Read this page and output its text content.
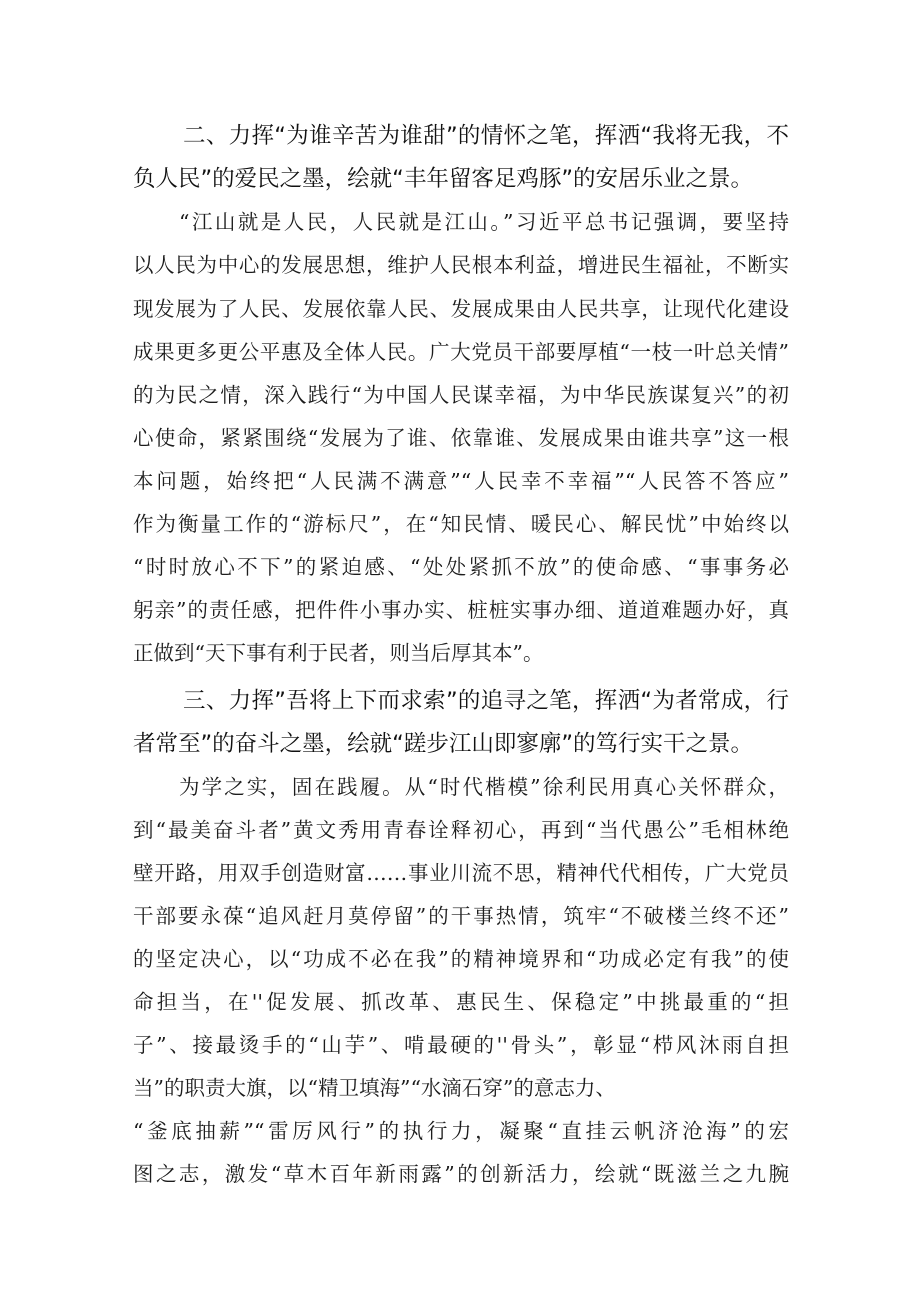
二、力挥“为谁辛苦为谁甜”的情怀之笔，挥洒“我将无我，不
负人民”的爱民之墨，绘就“丰年留客足鸡豚”的安居乐业之景。
“江山就是人民，人民就是江山。”习近平总书记强调，要坚持
以人民为中心的发展思想，维护人民根本利益，增进民生福祉，不断实
现发展为了人民、发展依靠人民、发展成果由人民共享，让现代化建设
成果更多更公平惠及全体人民。广大党员干部要厚植“一枝一叶总关情”
的为民之情，深入践行“为中国人民谋幸福，为中华民族谋复兴”的初
心使命，紧紧围绕“发展为了谁、依靠谁、发展成果由谁共享”这一根
本问题，始终把“人民满不满意”“人民幸不幸福”“人民答不答应”
作为衡量工作的“游标尺”，在“知民情、暖民心、解民忧”中始终以
“时时放心不下”的紧迫感、“处处紧抓不放”的使命感、“事事务必
躬亲”的责任感，把件件小事办实、桩桩实事办细、道道难题办好，真
正做到“天下事有利于民者，则当后厚其本”。
三、力挥”吾将上下而求索”的追寻之笔，挥洒“为者常成，行
者常至”的奋斗之墨，绘就“蹉步江山即寥廓”的笃行实干之景。
为学之实，固在践履。从“时代楷模”徐利民用真心关怀群众，
到“最美奋斗者”黄文秀用青春诠释初心，再到“当代愚公”毛相林绝
壁开路，用双手创造财富……事业川流不思，精神代代相传，广大党员
干部要永葆“追风赶月莫停留”的干事热情，筑牢“不破楼兰终不还”
的坚定决心，以“功成不必在我”的精神境界和“功成必定有我”的使
命担当，在''促发展、抓改革、惠民生、保稳定”中挑最重的“担
子”、接最烫手的“山芋”、啃最硬的''骨头”，彰显“栉风沐雨自担
当”的职责大旗，以“精卫填海”“水滴石穿”的意志力、
“釜底抽薪”“雷厉风行”的执行力，凝聚“直挂云帆济沧海”的宏
图之志，激发“草木百年新雨露”的创新活力，绘就“既滋兰之九腕
